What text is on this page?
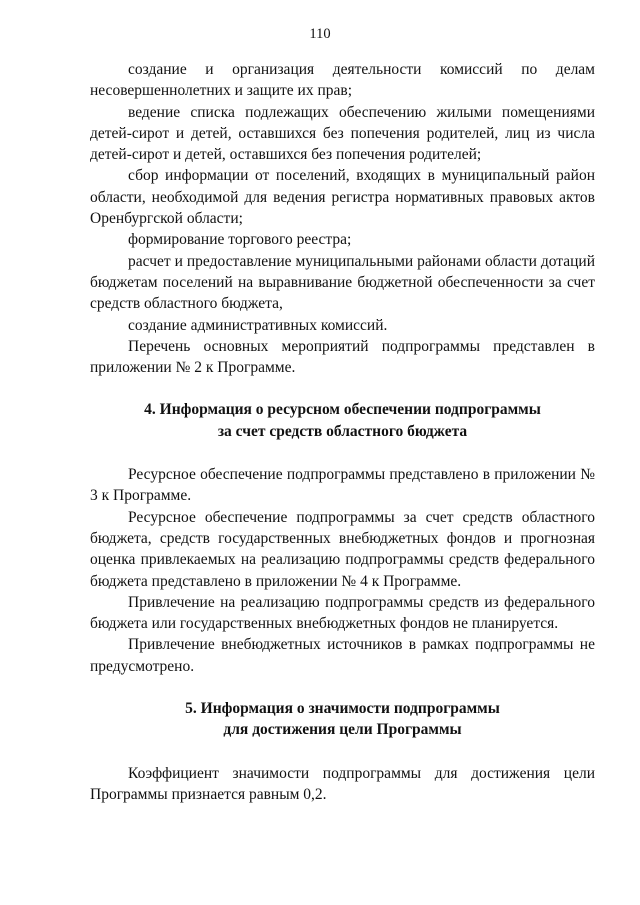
110

создание и организация деятельности комиссий по делам несовершеннолетних и защите их прав;

ведение списка подлежащих обеспечению жилыми помещениями детей-сирот и детей, оставшихся без попечения родителей, лиц из числа детей-сирот и детей, оставшихся без попечения родителей;

сбор информации от поселений, входящих в муниципальный район области, необходимой для ведения регистра нормативных правовых актов Оренбургской области;

формирование торгового реестра;

расчет и предоставление муниципальными районами области дотаций бюджетам поселений на выравнивание бюджетной обеспеченности за счет средств областного бюджета,

создание административных комиссий.

Перечень основных мероприятий подпрограммы представлен в приложении № 2 к Программе.

4. Информация о ресурсном обеспечении подпрограммы
за счет средств областного бюджета

Ресурсное обеспечение подпрограммы представлено в приложении № 3 к Программе.

Ресурсное обеспечение подпрограммы за счет средств областного бюджета, средств государственных внебюджетных фондов и прогнозная оценка привлекаемых на реализацию подпрограммы средств федерального бюджета представлено в приложении № 4 к Программе.

Привлечение на реализацию подпрограммы средств из федерального бюджета или государственных внебюджетных фондов не планируется.

Привлечение внебюджетных источников в рамках подпрограммы не предусмотрено.

5. Информация о значимости подпрограммы
для достижения цели Программы

Коэффициент значимости подпрограммы для достижения цели Программы признается равным 0,2.
